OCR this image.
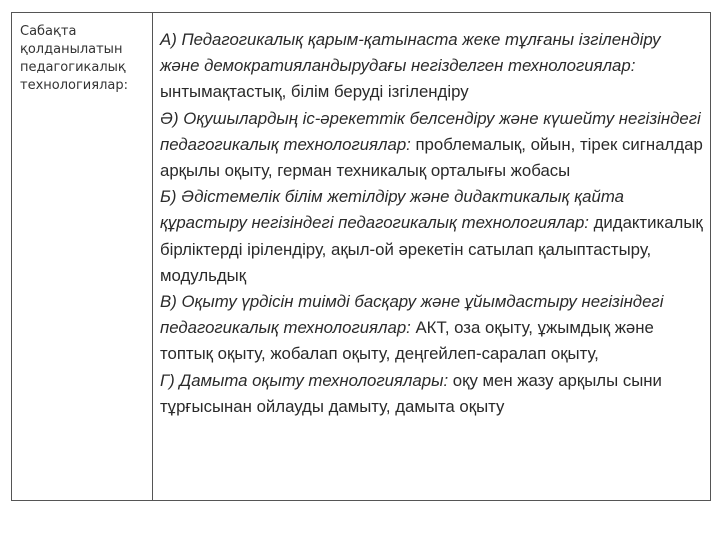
Сабақта
қолданылатын
педагогикалық
технологиялар:
А) Педагогикалық қарым-қатынаста жеке тұлғаны ізгілендіру және демократияландырудағы негізделген технологиялар: ынтымақтастық, білім беруді ізгілендіру
Ә) Оқушылардың іс-әрекеттік белсендіру және күшейту негізіндегі педагогикалық технологиялар: проблемалық, ойын, тірек сигналдар арқылы оқыту, герман техникалық орталығы жобасы
Б) Әдістемелік білім жетілдіру және дидактикалық қайта құрастыру негізіндегі педагогикалық технологиялар: дидактикалық бірліктерді ірілендіру, ақыл-ой әрекетін сатылап қалыптастыру, модульдық
В) Оқыту үрдісін тиімді басқару және ұйымдастыру негізіндегі педагогикалық технологиялар: АКТ, оза оқыту, ұжымдық және топтық оқыту, жобалап оқыту, деңгейлеп-саралап оқыту,
Г) Дамыта оқыту технологиялары: оқу мен жазу арқылы сыни тұрғысынан ойлауды дамыту, дамыта оқыту
